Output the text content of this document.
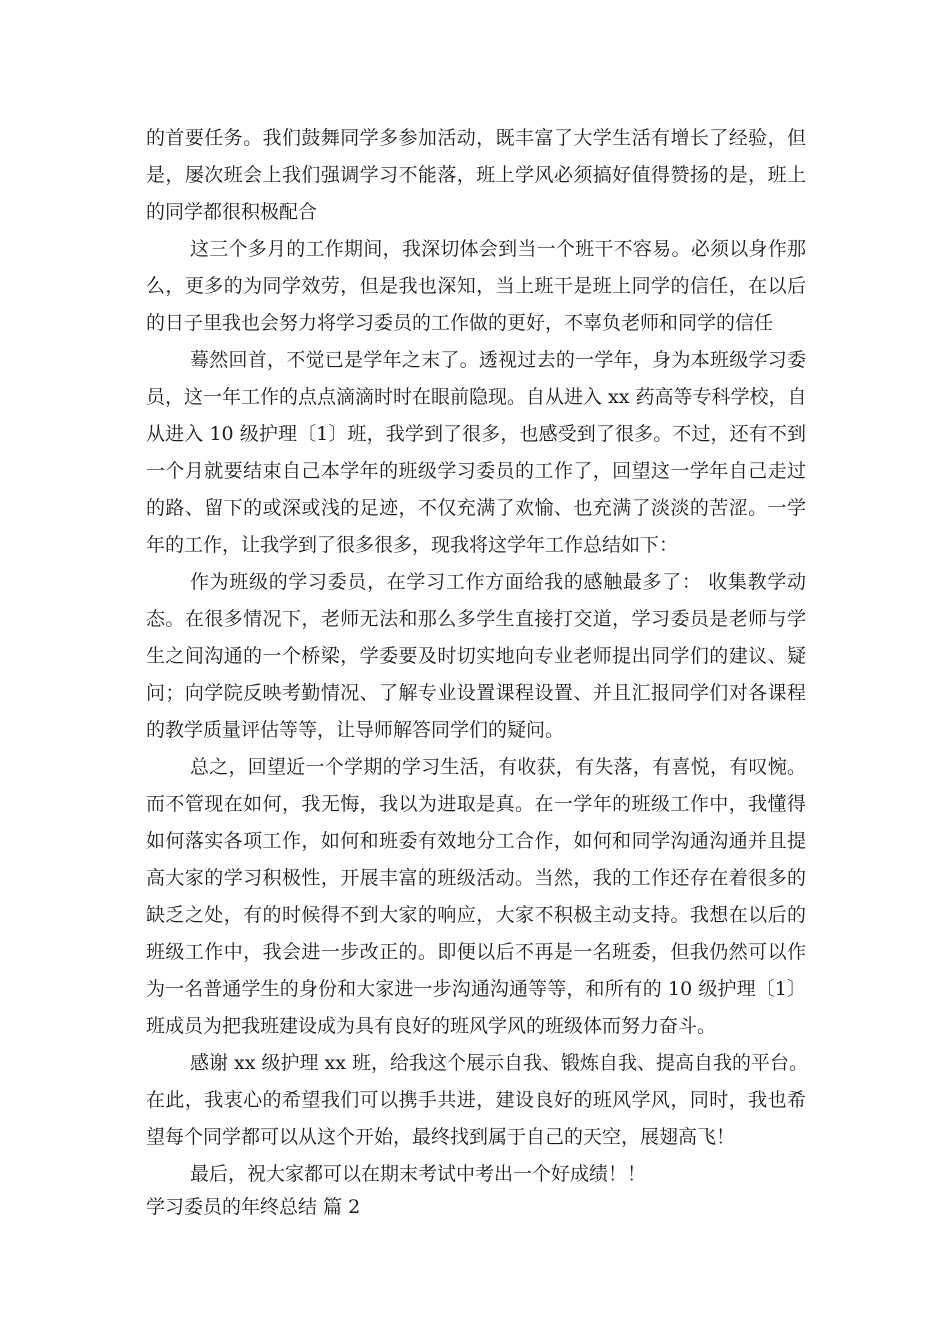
的首要任务。我们鼓舞同学多参加活动，既丰富了大学生活有增长了经验，但
是，屡次班会上我们强调学习不能落，班上学风必须搞好值得赞扬的是，班上
的同学都很积极配合
这三个多月的工作期间，我深切体会到当一个班干不容易。必须以身作那
么，更多的为同学效劳，但是我也深知，当上班干是班上同学的信任，在以后
的日子里我也会努力将学习委员的工作做的更好，不辜负老师和同学的信任
蓦然回首，不觉已是学年之末了。透视过去的一学年，身为本班级学习委
员，这一年工作的点点滴滴时时在眼前隐现。自从进入 xx 药高等专科学校，自
从进入 10 级护理〔1〕班，我学到了很多，也感受到了很多。不过，还有不到
一个月就要结束自己本学年的班级学习委员的工作了，回望这一学年自己走过
的路、留下的或深或浅的足迹，不仅充满了欢愉、也充满了淡淡的苦涩。一学
年的工作，让我学到了很多很多，现我将这学年工作总结如下：
作为班级的学习委员，在学习工作方面给我的感触最多了： 收集教学动
态。在很多情况下，老师无法和那么多学生直接打交道，学习委员是老师与学
生之间沟通的一个桥梁，学委要及时切实地向专业老师提出同学们的建议、疑
问；向学院反映考勤情况、了解专业设置课程设置、并且汇报同学们对各课程
的教学质量评估等等，让导师解答同学们的疑问。
总之，回望近一个学期的学习生活，有收获，有失落，有喜悦，有叹惋。
而不管现在如何，我无悔，我以为进取是真。在一学年的班级工作中，我懂得
如何落实各项工作，如何和班委有效地分工合作，如何和同学沟通沟通并且提
高大家的学习积极性，开展丰富的班级活动。当然，我的工作还存在着很多的
缺乏之处，有的时候得不到大家的响应，大家不积极主动支持。我想在以后的
班级工作中，我会进一步改正的。即便以后不再是一名班委，但我仍然可以作
为一名普通学生的身份和大家进一步沟通沟通等等，和所有的 10 级护理〔1〕
班成员为把我班建设成为具有良好的班风学风的班级体而努力奋斗。
感谢 xx 级护理 xx 班，给我这个展示自我、锻炼自我、提高自我的平台。
在此，我衷心的希望我们可以携手共进，建设良好的班风学风，同时，我也希
望每个同学都可以从这个开始，最终找到属于自己的天空，展翅高飞！
最后，祝大家都可以在期末考试中考出一个好成绩！！
学习委员的年终总结 篇 2
